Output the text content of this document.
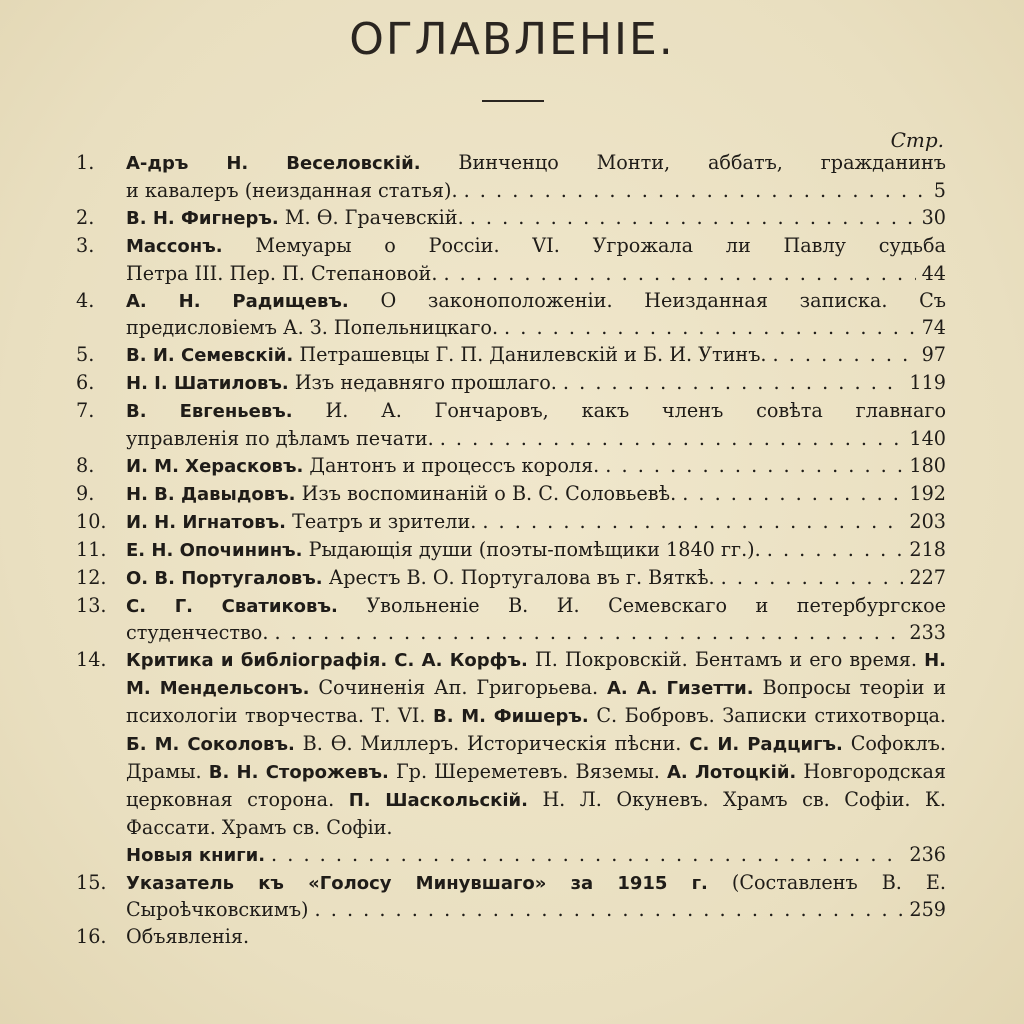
ОГЛАВЛЕНІЕ.
Стр.
1. А-дръ Н. Веселовскій. Винченцо Монти, аббатъ, гражданинъ
и кавалеръ (неизданная статья). . . .	5
2. В. Н. Фигнеръ. М. Ѳ. Грачевскій. . . .	30
3. Массонъ. Мемуары о Россіи. VI. Угрожала ли Павлу судьба
Петра III. Пер. П. Степановой. . . .	44
4. А. Н. Радищевъ. О законоположеніи. Неизданная записка. Съ
предисловіемъ А. З. Попельницкаго. . . .	74
5. В. И. Семевскій. Петрашевцы Г. П. Данилевскій и Б. И. Утинъ. . . .	97
6. Н. І. Шатиловъ. Изъ недавняго прошлаго. . . .	119
7. В. Евгеньевъ. И. А. Гончаровъ, какъ членъ совѣта главнаго
управленія по дѣламъ печати. . . .	140
8. И. М. Херасковъ. Дантонъ и процессъ короля. . . .	180
9. Н. В. Давыдовъ. Изъ воспоминаній о В. С. Соловьевѣ. . . .	192
10. И. Н. Игнатовъ. Театръ и зрители. . . .	203
11. Е. Н. Опочининъ. Рыдающія души (поэты-помѣщики 1840 гг.). . . .	218
12. О. В. Португаловъ. Арестъ В. О. Португалова въ г. Вяткѣ. . . .	227
13. С. Г. Сватиковъ. Увольненіе В. И. Семевскаго и петербургское
студенчество. . . .	233
14. Критика и библіографія. С. А. Корфъ. П. Покровскій. Бентамъ и его время. Н. М. Мендельсонъ. Сочиненія Ап. Григорьева. А. А. Гизетти. Вопросы теоріи и психологіи творчества. Т. VI. В. М. Фишеръ. С. Бобровъ. Записки стихотворца. Б. М. Соколовъ. В. Ѳ. Миллеръ. Историческія пѣсни. С. И. Радцигъ. Софоклъ. Драмы. В. Н. Сторожевъ. Гр. Шереметевъ. Вяземы. А. Лотоцкій. Новгородская церковная сторона. П. Шаскольскій. Н. Л. Окуневъ. Храмъ св. Софіи. К. Фассати. Храмъ св. Софіи.
Новыя книги. . . .	236
15. Указатель къ «Голосу Минувшаго» за 1915 г. (Составленъ В. Е.
Сыроѣчковскимъ) . . .	259
16. Объявленія.
